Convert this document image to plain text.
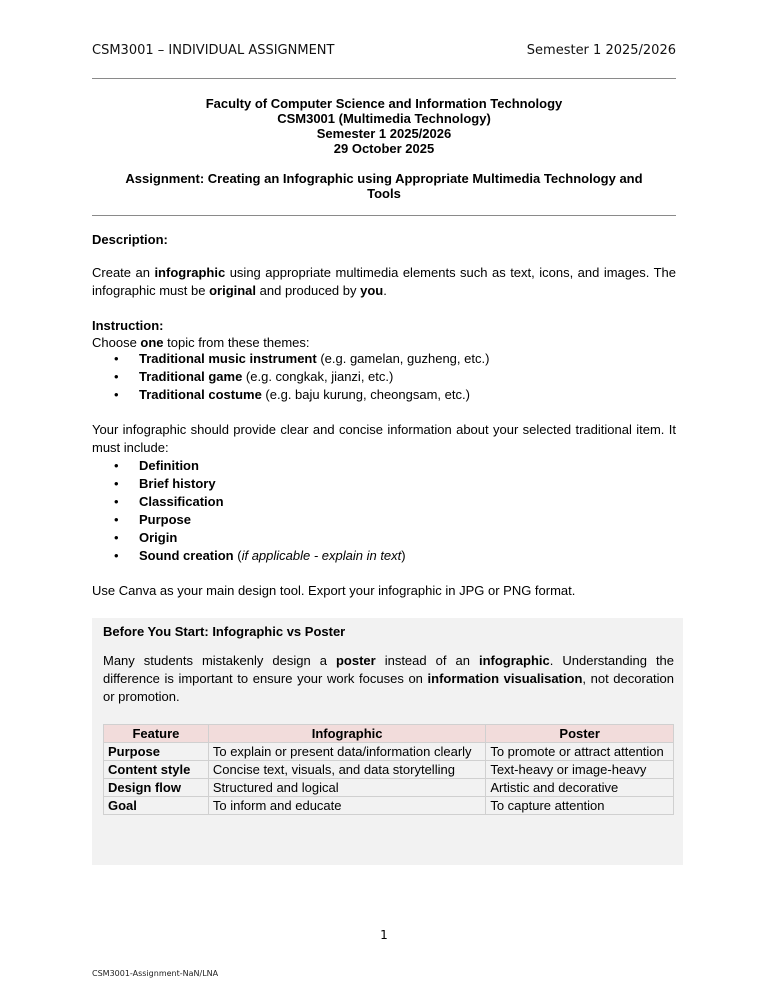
CSM3001 – INDIVIDUAL ASSIGNMENT	Semester 1 2025/2026
Faculty of Computer Science and Information Technology
CSM3001 (Multimedia Technology)
Semester 1 2025/2026
29 October 2025
Assignment: Creating an Infographic using Appropriate Multimedia Technology and
Tools
Description:
Create an infographic using appropriate multimedia elements such as text, icons, and images. The infographic must be original and produced by you.
Instruction:
Choose one topic from these themes:
• Traditional music instrument (e.g. gamelan, guzheng, etc.)
• Traditional game (e.g. congkak, jianzi, etc.)
• Traditional costume (e.g. baju kurung, cheongsam, etc.)
Your infographic should provide clear and concise information about your selected traditional item. It must include:
• Definition
• Brief history
• Classification
• Purpose
• Origin
• Sound creation (if applicable - explain in text)
Use Canva as your main design tool. Export your infographic in JPG or PNG format.
Before You Start: Infographic vs Poster
Many students mistakenly design a poster instead of an infographic. Understanding the difference is important to ensure your work focuses on information visualisation, not decoration or promotion.
Feature	Infographic	Poster
Purpose	To explain or present data/information clearly	To promote or attract attention
Content style	Concise text, visuals, and data storytelling	Text-heavy or image-heavy
Design flow	Structured and logical	Artistic and decorative
Goal	To inform and educate	To capture attention
1
CSM3001-Assignment-NaN/LNA
